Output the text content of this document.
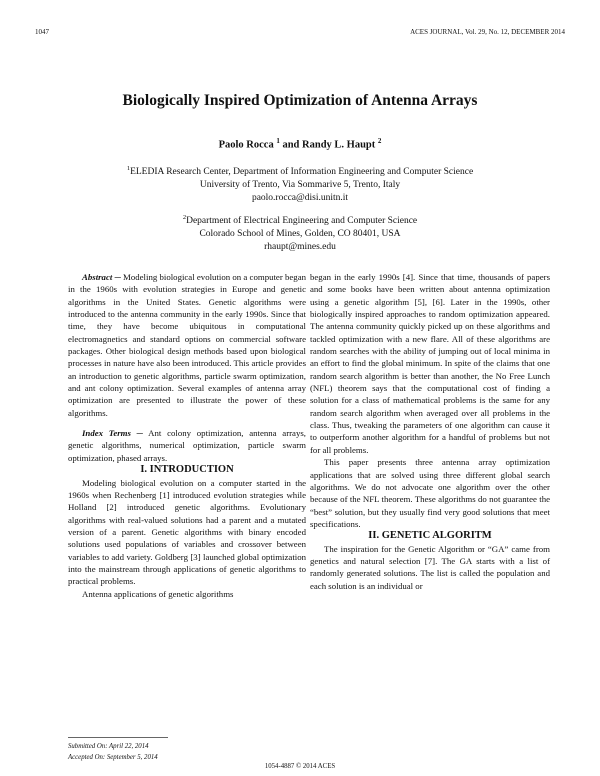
1047	ACES JOURNAL, Vol. 29, No. 12, DECEMBER 2014
Biologically Inspired Optimization of Antenna Arrays
Paolo Rocca $^1$ and Randy L. Haupt $^2$
$^1$ELEDIA Research Center, Department of Information Engineering and Computer Science
University of Trento, Via Sommarive 5, Trento, Italy
paolo.rocca@disi.unitn.it
$^2$Department of Electrical Engineering and Computer Science
Colorado School of Mines, Golden, CO 80401, USA
rhaupt@mines.edu

Abstract ─ Modeling biological evolution on a computer began in the 1960s with evolution strategies in Europe and genetic algorithms in the United States. Genetic algorithms were introduced to the antenna community in the early 1990s. Since that time, they have become ubiquitous in computational electromagnetics and standard options on commercial software packages. Other biological design methods based upon biological processes in nature have also been introduced. This article provides an introduction to genetic algorithms, particle swarm optimization, and ant colony optimization. Several examples of antenna array optimization are presented to illustrate the power of these algorithms.

Index Terms ─ Ant colony optimization, antenna arrays, genetic algorithms, numerical optimization, particle swarm optimization, phased arrays.

I. INTRODUCTION

Modeling biological evolution on a computer started in the 1960s when Rechenberg [1] introduced evolution strategies while Holland [2] introduced genetic algorithms. Evolutionary algorithms with real-valued solutions had a parent and a mutated version of a parent. Genetic algorithms with binary encoded solutions used populations of variables and crossover between variables to add variety. Goldberg [3] launched global optimization into the mainstream through applications of genetic algorithms to practical problems.

Antenna applications of genetic algorithms

began in the early 1990s [4]. Since that time, thousands of papers and some books have been written about antenna optimization using a genetic algorithm [5], [6]. Later in the 1990s, other biologically inspired approaches to random optimization appeared. The antenna community quickly picked up on these algorithms and tackled optimization with a new flare. All of these algorithms are random searches with the ability of jumping out of local minima in an effort to find the global minimum. In spite of the claims that one random search algorithm is better than another, the No Free Lunch (NFL) theorem says that the computational cost of finding a solution for a class of mathematical problems is the same for any random search algorithm when averaged over all problems in the class. Thus, tweaking the parameters of one algorithm can cause it to outperform another algorithm for a handful of problems but not for all problems.

This paper presents three antenna array optimization applications that are solved using three different global search algorithms. We do not advocate one algorithm over the other because of the NFL theorem. These algorithms do not guarantee the “best” solution, but they usually find very good solutions that meet specifications.

II. GENETIC ALGORITM

The inspiration for the Genetic Algorithm or “GA” came from genetics and natural selection [7]. The GA starts with a list of randomly generated solutions. The list is called the population and each solution is an individual or

Submitted On: April 22, 2014
Accepted On: September 5, 2014
1054-4887 © 2014 ACES
